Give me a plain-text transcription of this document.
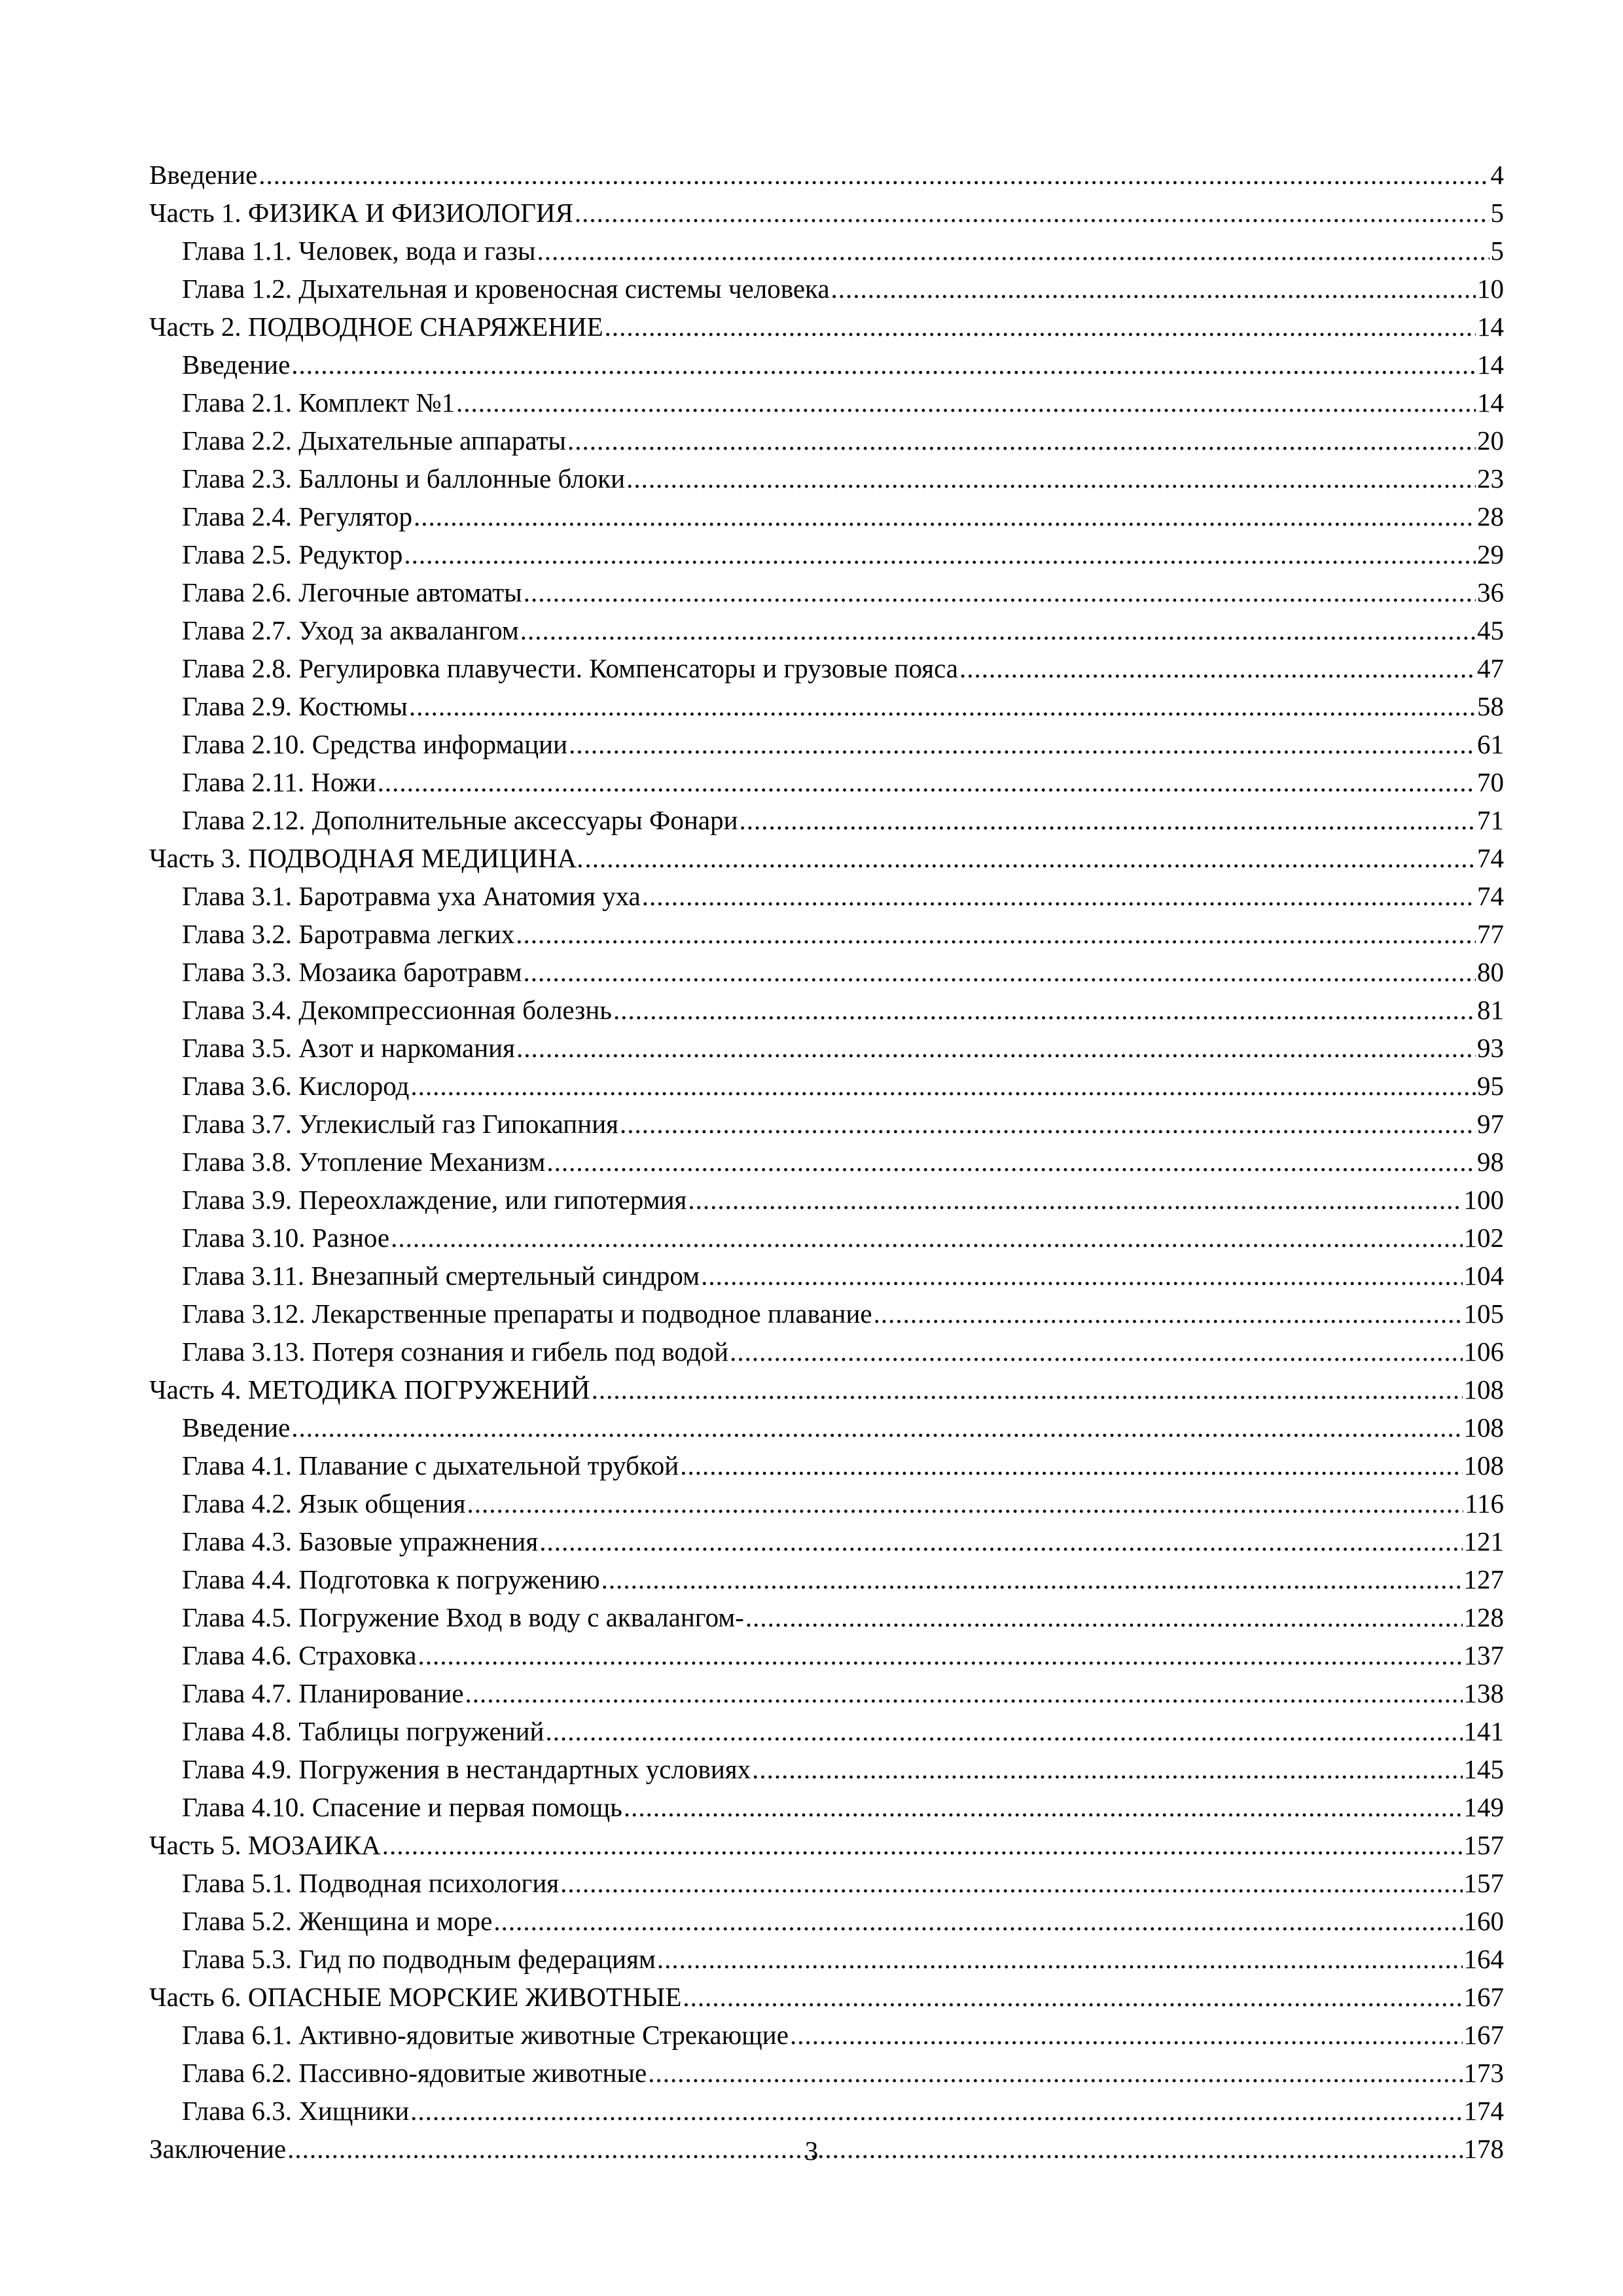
Введение .....	4
Часть 1. ФИЗИКА И ФИЗИОЛОГИЯ .....	5
Глава 1.1. Человек, вода и газы .....	5
Глава 1.2. Дыхательная и кровеносная системы человека .....	10
Часть 2. ПОДВОДНОЕ СНАРЯЖЕНИЕ .....	14
Введение .....	14
Глава 2.1. Комплект №1 .....	14
Глава 2.2. Дыхательные аппараты .....	20
Глава 2.3. Баллоны и баллонные блоки .....	23
Глава 2.4. Регулятор .....	28
Глава 2.5. Редуктор .....	29
Глава 2.6. Легочные автоматы .....	36
Глава 2.7. Уход за аквалангом .....	45
Глава 2.8. Регулировка плавучести. Компенсаторы и грузовые пояса .....	47
Глава 2.9. Костюмы .....	58
Глава 2.10. Средства информации .....	61
Глава 2.11. Ножи .....	70
Глава 2.12. Дополнительные аксессуары Фонари .....	71
Часть 3. ПОДВОДНАЯ МЕДИЦИНА. .....	74
Глава 3.1. Баротравма уха Анатомия уха .....	74
Глава 3.2. Баротравма легких .....	77
Глава 3.3. Мозаика баротравм .....	80
Глава 3.4. Декомпрессионная болезнь .....	81
Глава 3.5. Азот и наркомания .....	93
Глава 3.6. Кислород .....	95
Глава 3.7. Углекислый газ Гипокапния .....	97
Глава 3.8. Утопление Механизм .....	98
Глава 3.9. Переохлаждение, или гипотермия .....	100
Глава 3.10. Разное .....	102
Глава 3.11. Внезапный смертельный синдром .....	104
Глава 3.12. Лекарственные препараты и подводное плавание .....	105
Глава 3.13. Потеря сознания и гибель под водой .....	106
Часть 4. МЕТОДИКА ПОГРУЖЕНИЙ .....	108
Введение .....	108
Глава 4.1. Плавание с дыхательной трубкой .....	108
Глава 4.2. Язык общения .....	116
Глава 4.3. Базовые упражнения .....	121
Глава 4.4. Подготовка к погружению .....	127
Глава 4.5. Погружение Вход в воду с аквалангом- .....	128
Глава 4.6. Страховка .....	137
Глава 4.7. Планирование .....	138
Глава 4.8. Таблицы погружений .....	141
Глава 4.9. Погружения в нестандартных условиях .....	145
Глава 4.10. Спасение и первая помощь .....	149
Часть 5. МОЗАИКА .....	157
Глава 5.1. Подводная психология .....	157
Глава 5.2. Женщина и море .....	160
Глава 5.3. Гид по подводным федерациям .....	164
Часть 6. ОПАСНЫЕ МОРСКИЕ ЖИВОТНЫЕ .....	167
Глава 6.1. Активно-ядовитые животные Стрекающие .....	167
Глава 6.2. Пассивно-ядовитые животные .....	173
Глава 6.3. Хищники .....	174
Заключение .....	178
3
